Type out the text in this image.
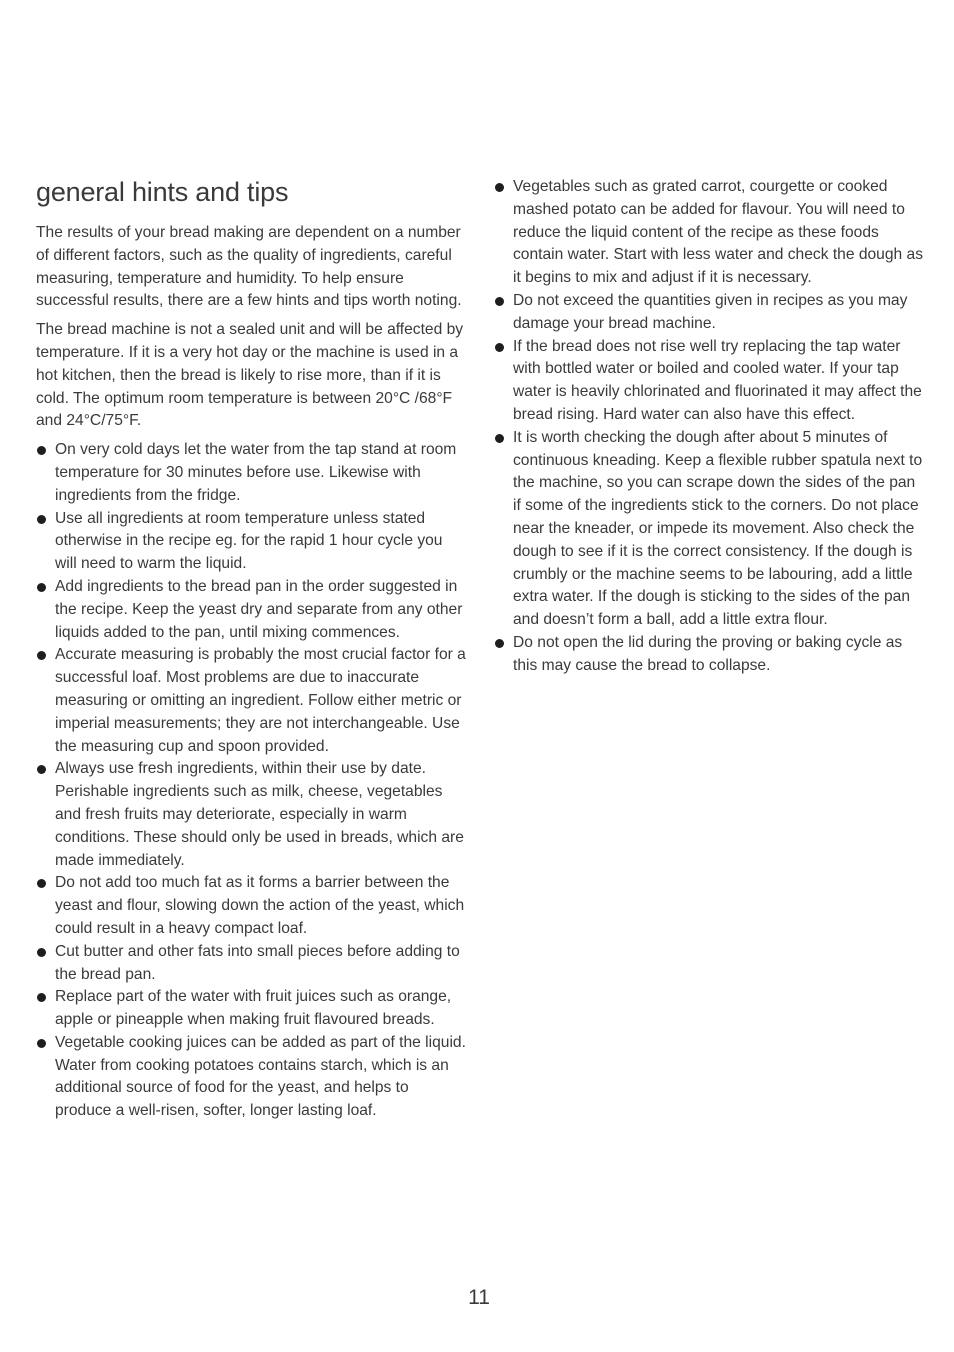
general hints and tips

The results of your bread making are dependent on a number of different factors, such as the quality of ingredients, careful measuring, temperature and humidity. To help ensure successful results, there are a few hints and tips worth noting.

The bread machine is not a sealed unit and will be affected by temperature. If it is a very hot day or the machine is used in a hot kitchen, then the bread is likely to rise more, than if it is cold. The optimum room temperature is between 20°C /68°F and 24°C/75°F.

On very cold days let the water from the tap stand at room temperature for 30 minutes before use. Likewise with ingredients from the fridge.
Use all ingredients at room temperature unless stated otherwise in the recipe eg. for the rapid 1 hour cycle you will need to warm the liquid.
Add ingredients to the bread pan in the order suggested in the recipe. Keep the yeast dry and separate from any other liquids added to the pan, until mixing commences.
Accurate measuring is probably the most crucial factor for a successful loaf. Most problems are due to inaccurate measuring or omitting an ingredient. Follow either metric or imperial measurements; they are not interchangeable. Use the measuring cup and spoon provided.
Always use fresh ingredients, within their use by date. Perishable ingredients such as milk, cheese, vegetables and fresh fruits may deteriorate, especially in warm conditions. These should only be used in breads, which are made immediately.
Do not add too much fat as it forms a barrier between the yeast and flour, slowing down the action of the yeast, which could result in a heavy compact loaf.
Cut butter and other fats into small pieces before adding to the bread pan.
Replace part of the water with fruit juices such as orange, apple or pineapple when making fruit flavoured breads.
Vegetable cooking juices can be added as part of the liquid. Water from cooking potatoes contains starch, which is an additional source of food for the yeast, and helps to produce a well-risen, softer, longer lasting loaf.
Vegetables such as grated carrot, courgette or cooked mashed potato can be added for flavour. You will need to reduce the liquid content of the recipe as these foods contain water. Start with less water and check the dough as it begins to mix and adjust if it is necessary.
Do not exceed the quantities given in recipes as you may damage your bread machine.
If the bread does not rise well try replacing the tap water with bottled water or boiled and cooled water. If your tap water is heavily chlorinated and fluorinated it may affect the bread rising. Hard water can also have this effect.
It is worth checking the dough after about 5 minutes of continuous kneading. Keep a flexible rubber spatula next to the machine, so you can scrape down the sides of the pan if some of the ingredients stick to the corners. Do not place near the kneader, or impede its movement. Also check the dough to see if it is the correct consistency. If the dough is crumbly or the machine seems to be labouring, add a little extra water. If the dough is sticking to the sides of the pan and doesn’t form a ball, add a little extra flour.
Do not open the lid during the proving or baking cycle as this may cause the bread to collapse.
11
